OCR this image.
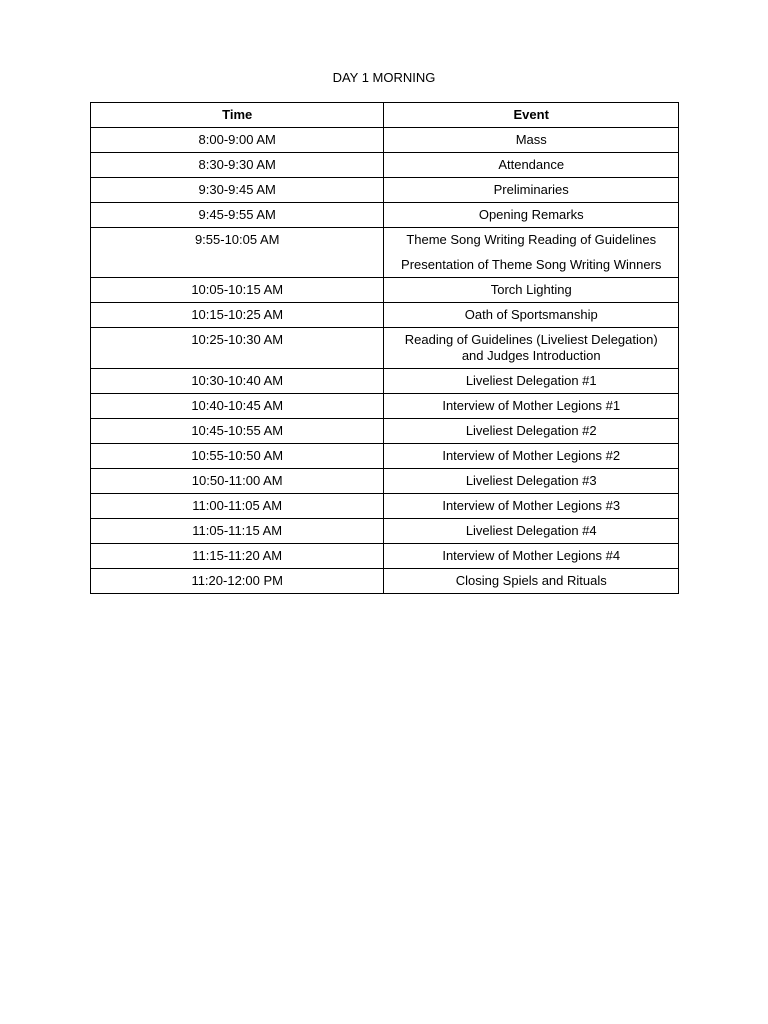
DAY 1 MORNING
Time	Event
8:00-9:00 AM	Mass

8:30-9:30 AM	Attendance

9:30-9:45 AM	Preliminaries

9:45-9:55 AM	Opening Remarks

9:55-10:05 AM	Theme Song Writing Reading of Guidelines
Presentation of Theme Song Writing Winners

10:05-10:15 AM	Torch Lighting

10:15-10:25 AM	Oath of Sportsmanship

10:25-10:30 AM	Reading of Guidelines (Liveliest Delegation)
and Judges Introduction

10:30-10:40 AM	Liveliest Delegation #1

10:40-10:45 AM	Interview of Mother Legions #1

10:45-10:55 AM	Liveliest Delegation #2

10:55-10:50 AM	Interview of Mother Legions #2

10:50-11:00 AM	Liveliest Delegation #3

11:00-11:05 AM	Interview of Mother Legions #3

11:05-11:15 AM	Liveliest Delegation #4

11:15-11:20 AM	Interview of Mother Legions #4

11:20-12:00 PM	Closing Spiels and Rituals
